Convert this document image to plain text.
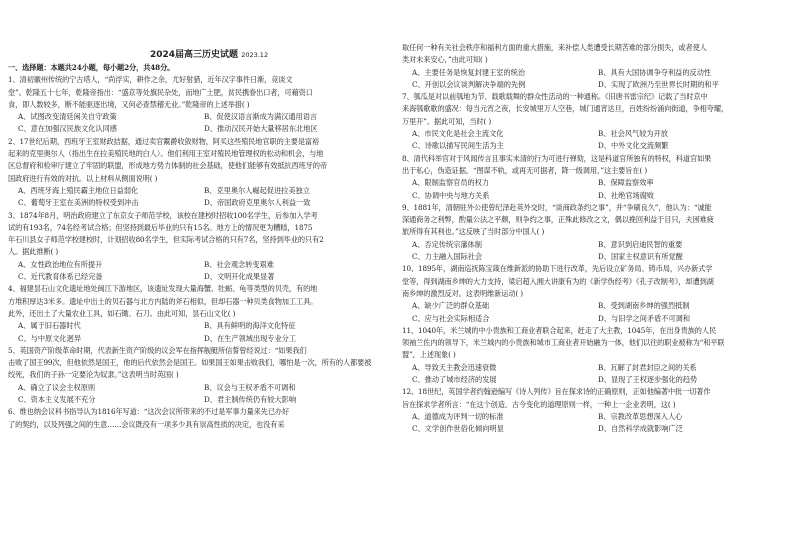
2024届高三历史试题 2023.12

一、选择题：本题共24小题，每小题2分，共48分。

1、清初徽州传统的宁古塔人，“尚浮实，耕作之余，尤好射猎，近年汉字事件日渐，竞谈文

堂”。乾隆五十七年，乾隆帝指出：“盛京等处旗民杂处，而地广土肥，贫民携眷出口者，可藉资口

食，即人数较多，断不能驱逐出境，又何必查禁稽无业。”乾隆帝的上述举措( )

A、试图改变清廷闲关自守政策	B、促使汉语言渐成为满汉通用语言
C、意在加强汉民族文化认同感	D、推动汉民开始大量移居东北地区

2、17世纪后期，西班牙王室财政拮据，通过卖官鬻爵收敛财物，阿买这些殖民地官职的主要是富裕

起来的克里奥尔人（指出生在拉美殖民地的白人）。他们利用王室对殖民地管理权的松动和机会，与地

区总督府和检审厅建立了牢固的联盟，形成地方势力体制的社会基础，使他们能够有效抵抗西班牙的帝

国政府进行有效的对抗。以上材料从侧面说明( )

A、西班牙海上殖民霸主地位日益弱化	B、克里奥尔人崛起促进拉美独立
C、葡萄牙王室在美洲的特权受到冲击	D、帝国政府克里奥尔人利益一致

3、1874年8月，明治政府建立了东京女子师范学校，该校在建校时招收100名学生，后参加入学考

试的有193名，74名经考试合格；但坚持到最后毕业的只有15名。地方上的情况更为糟糕，1875

年石川县女子师范学校建校时，计划招收80名学生，但实际考试合格的只有7名，坚持到毕业的只有2

人。据此推断( )

A、女性政治地位有所提升	B、社会观念转变艰难
C、近代教育体系已经完备	D、文明开化成果显著

4、福建昙石山文化遗址地处闽江下游地区，该遗址发现大量海蟹、牡蛎、龟等类型的贝壳，有的地

方堆积厚达3米多。遗址中出土的贝石器与北方内陆的斧石相似，但却石器一种贝类食物加工工具。

此外，还出土了大量农业工具，如石锄、石刀。由此可知，昙石山文化( )

A、属于旧石器时代	B、具有鲜明的海洋文化特征
C、与中原文化迥异	D、在生产领域出现专业分工

5、英国资产阶级革命时期，代表新生资产阶级的议会军在指挥舰艇所信誓曾经说过：“如果我们

击败了国王99次，但他依然是国王，他的后代依然会是国王。如果国王如果击败我们，哪怕是一次，所有的人都要被

绞死，我们的子孙一定要沦为奴隶。”这表明当时英国( )

A、确立了议会主权原则	B、议会与王权矛盾不可调和
C、资本主义发展不充分	D、君主制传统仍有较大影响

6、维也纳会议科书指导认为1816年写道：“这次会议所带来的不过是军事力量来先已办好

了的契约，以及列强之间的生意……会议既没有一项多少具有崇高性质的决定，也没有采

取任何一种有关社会秩序和福利方面的重大措施，来补偿人类遭受长期苦难的部分损失，或者使人

类对未来安心，”由此可知( )

A、主要任务是恢复封建王室的统治	B、具有大国协调争夺利益的反动性
C、开创以会议谈判解决争端的先例	D、实现了欧洲乃至世界长时期的和平

7、瓠瓜是对以前瓠地为节、载歌载舞的群众性活动的一种通称。《旧唐书雷宗纪》记载了当时京中

来海瓠歌歌的盛况：每当元宵之夜，长安城里万人空巷，城门通宵达旦，百姓纷纷涌向街道，争相夸耀，

万里开”。据此可知，当时( )

A、市民文化是社会主流文化	B、社会风气较为开放
C、诗歌以描写民间生活为主	D、中外文化交流频繁

8、清代科举官对于风闻传言且事实未清的行为可进行弹劾，这是科道官所独有的特权，科道官如果

出于私心，伪造证据，“图谋不轨，或再无可据者，降一级调用，”这主要旨在( )

A、限制监察官员的权力	B、保障监察效率
C、协调中央与地方关系	D、社绝官场腐败

9、1881年，清朝驻外公使曾纪泽赴英外交时，“谈商政条约之事”，并“争刷良久”，他认为：“诚能

深通商务之利弊，酌量公法之平颇，则争约之事，正殊此修改之文，偶以挽回利益于目只，夫困难疲

旅所得有其利也。”这反映了当时部分中国人( )

A、否定传统宗藩体制	B、意识到启迪民智的重要
C、力主融入国际社会	D、国家主权意识有所觉醒

10、1895年，湖南巡抚陈宝箴在维新派的协助下进行改革，先后设立矿务局、铸币局，兴办新式学

堂等，得到湖南乡绅的大力支持，梁启超入湘大讲康有为的《新学伪经考》《孔子改制考》，却遭到湖

南乡绅的激烈反对。这表明维新运动( )

A、缺少广泛的群众基础	B、受到湖南乡绅的强烈抵制
C、应与社会实际相适合	D、与旧学之间矛盾不可调和

11、1040年，米兰城的中小贵族和工商业者联合起来，赶走了大主教，1045年，在出身贵族的人民

领袖兰佐内的领导下，米兰城内的小贵族和城市工商业者开始融为一体，他们以往的职业被称为“和平联

盟”，上述现象( )

A、导致天主教会迅速衰微	B、瓦解了封君封臣之间的关系
C、推动了城市经济的发展	D、显现了王权逐步强化的趋势

12、18世纪，英国学者约翰逊编写《诗人列传》旨在探求诗的正确原则，正如他编著中批一切著作

旨在探求学者所言：“在这个创造、古今变化的道理原则一样，一种上一企业表明，这( )

A、道德成为评判一切的标准	B、宗教改革思想深入人心
C、文学创作世俗化倾向明显	D、自然科学成就影响广泛
